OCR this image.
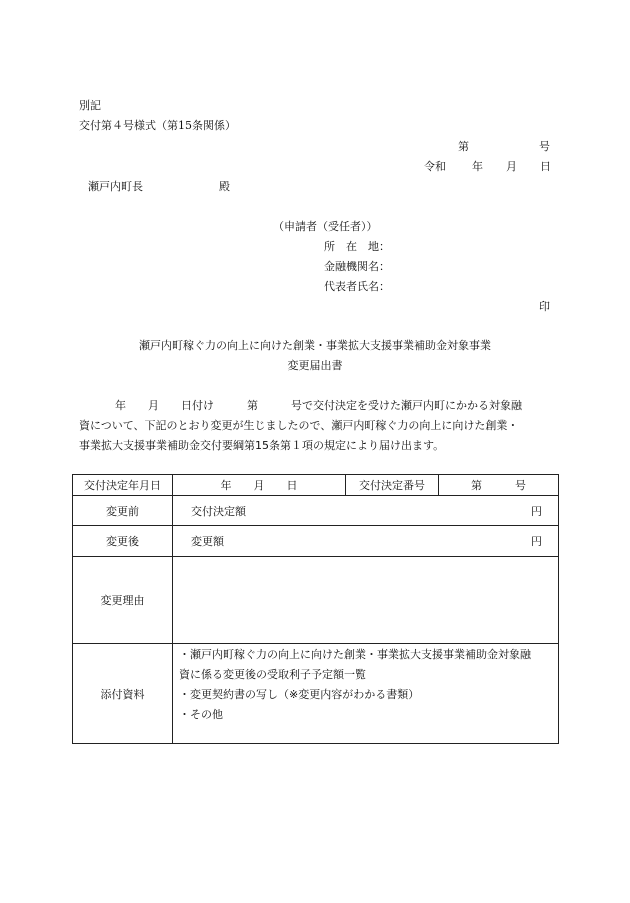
別記
交付第４号様式（第15条関係）
第	号
令和 年 月 日
瀬戸内町長	殿
（申請者（受任者））
所　在　地：
金融機関名：
代表者氏名：
印
瀬戸内町稼ぐ力の向上に向けた創業・事業拡大支援事業補助金対象事業
変更届出書
年　　月　　日付け　　　第　　　号で交付決定を受けた瀬戸内町にかかる対象融
資について、下記のとおり変更が生じましたので、瀬戸内町稼ぐ力の向上に向けた創業・
事業拡大支援事業補助金交付要綱第15条第１項の規定により届け出ます。
交付決定年月日	年　　月　　日	交付決定番号	第　　　号
変更前	交付決定額 円		

変更後	変更額 円		

変更理由			
添付資料	・瀬戸内町稼ぐ力の向上に向けた創業・事業拡大支援事業補助金対象融
資に係る変更後の受取利子予定額一覧
・変更契約書の写し（※変更内容がわかる書類）
・その他		
